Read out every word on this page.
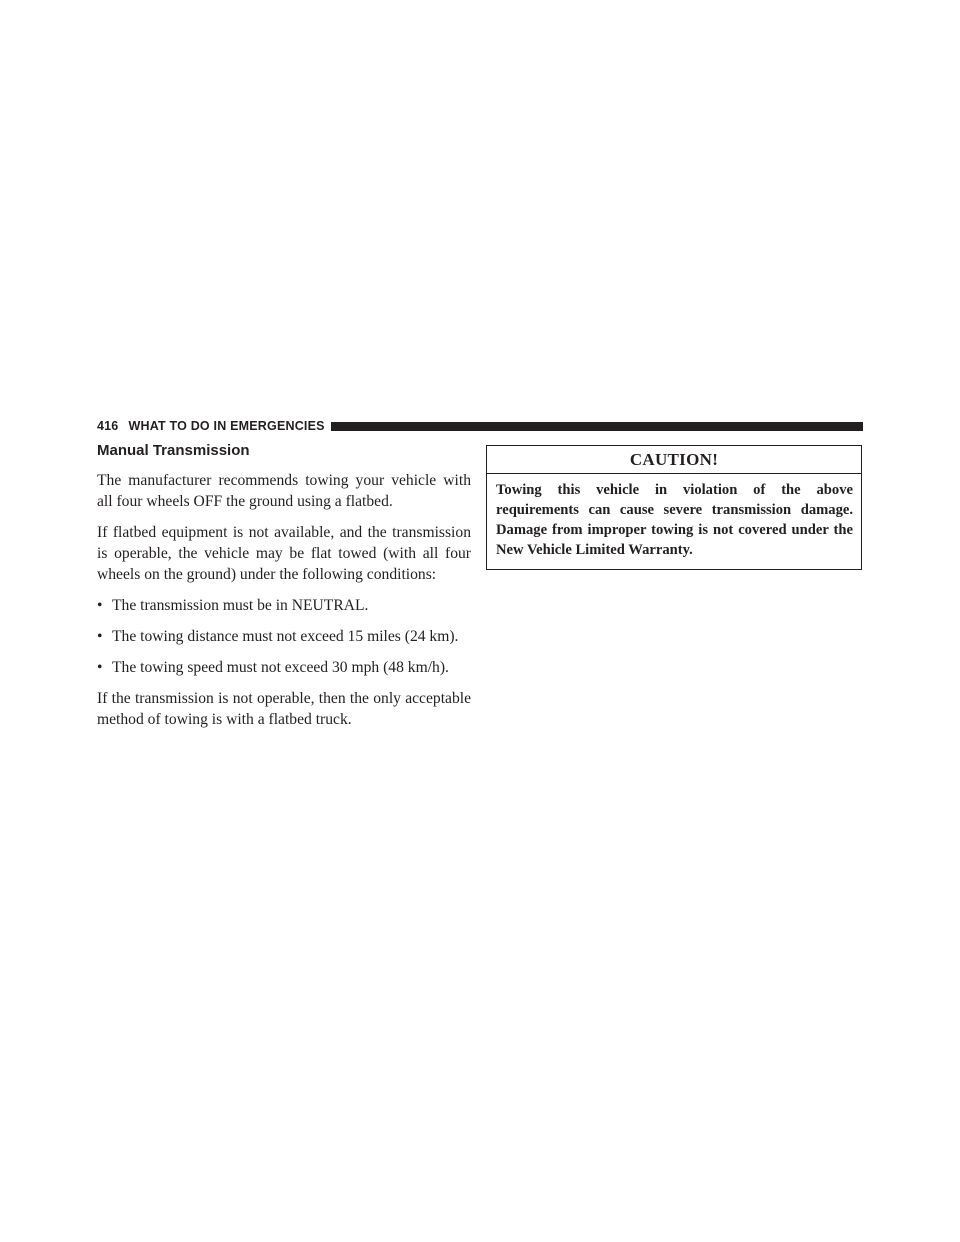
416 WHAT TO DO IN EMERGENCIES
Manual Transmission

The manufacturer recommends towing your vehicle with all four wheels OFF the ground using a flatbed.

If flatbed equipment is not available, and the transmission is operable, the vehicle may be flat towed (with all four wheels on the ground) under the following conditions:

• The transmission must be in NEUTRAL.
• The towing distance must not exceed 15 miles (24 km).
• The towing speed must not exceed 30 mph (48 km/h).

If the transmission is not operable, then the only acceptable method of towing is with a flatbed truck.

CAUTION!
Towing this vehicle in violation of the above requirements can cause severe transmission damage. Damage from improper towing is not covered under the New Vehicle Limited Warranty.
